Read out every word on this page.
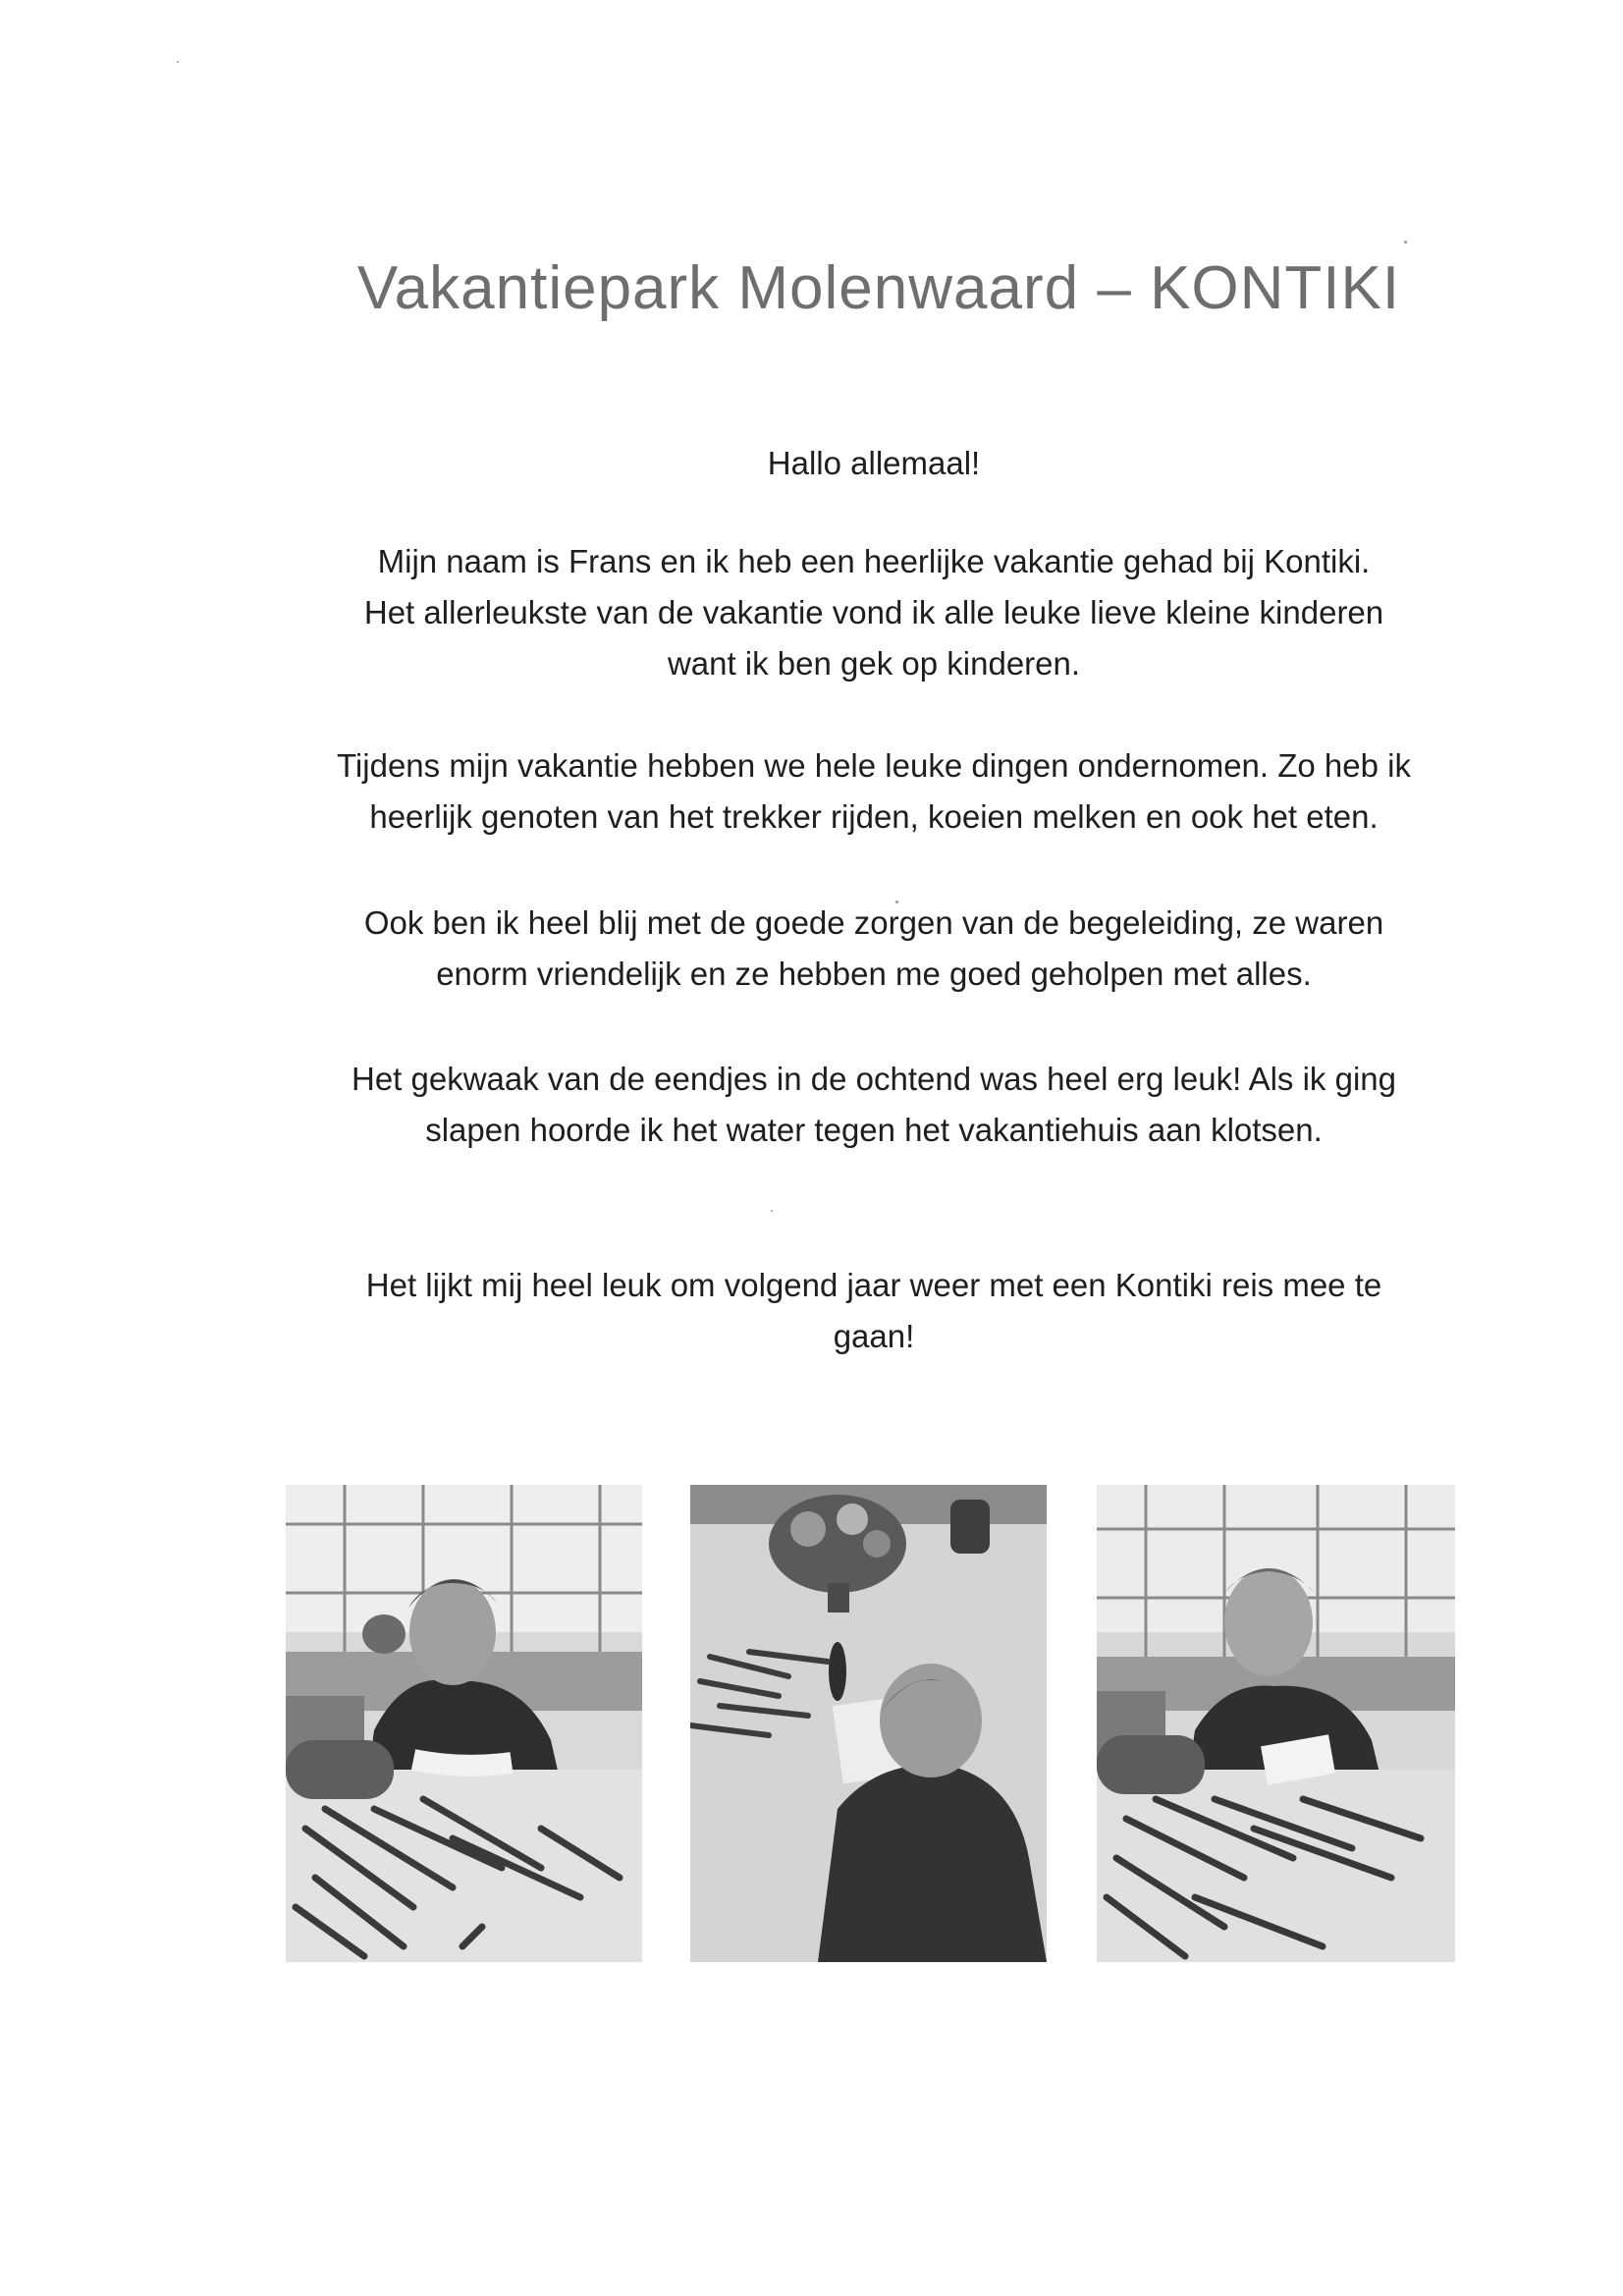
Vakantiepark Molenwaard – KONTIKI

Hallo allemaal!

Mijn naam is Frans en ik heb een heerlijke vakantie gehad bij Kontiki.
Het allerleukste van de vakantie vond ik alle leuke lieve kleine kinderen
want ik ben gek op kinderen.

Tijdens mijn vakantie hebben we hele leuke dingen ondernomen. Zo heb ik
heerlijk genoten van het trekker rijden, koeien melken en ook het eten.

Ook ben ik heel blij met de goede zorgen van de begeleiding, ze waren
enorm vriendelijk en ze hebben me goed geholpen met alles.

Het gekwaak van de eendjes in de ochtend was heel erg leuk! Als ik ging
slapen hoorde ik het water tegen het vakantiehuis aan klotsen.

Het lijkt mij heel leuk om volgend jaar weer met een Kontiki reis mee te
gaan!
